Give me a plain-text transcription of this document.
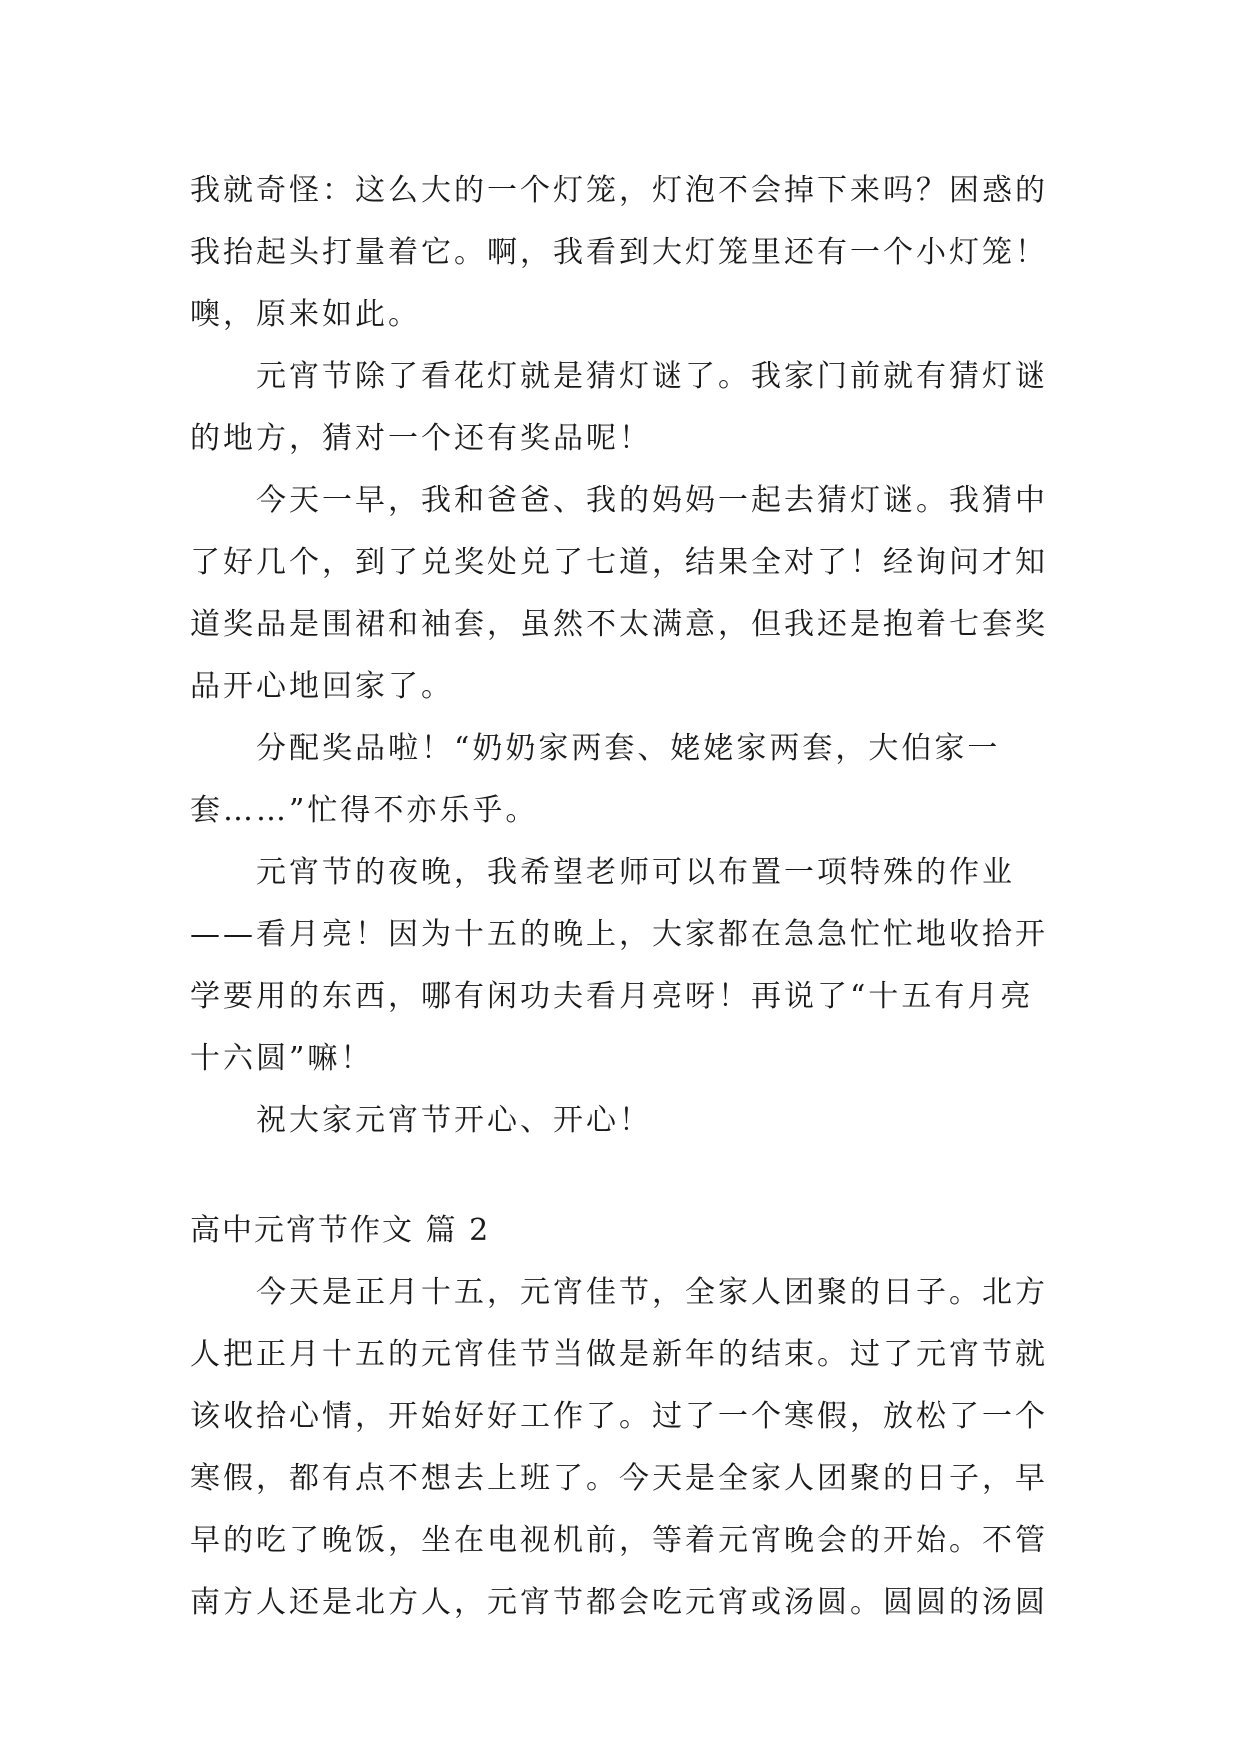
我就奇怪：这么大的一个灯笼，灯泡不会掉下来吗？困惑的
我抬起头打量着它。啊，我看到大灯笼里还有一个小灯笼！
噢，原来如此。
　　元宵节除了看花灯就是猜灯谜了。我家门前就有猜灯谜
的地方，猜对一个还有奖品呢！
　　今天一早，我和爸爸、我的妈妈一起去猜灯谜。我猜中
了好几个，到了兑奖处兑了七道，结果全对了！经询问才知
道奖品是围裙和袖套，虽然不太满意，但我还是抱着七套奖
品开心地回家了。
　　分配奖品啦！“奶奶家两套、姥姥家两套，大伯家一
套……”忙得不亦乐乎。
　　元宵节的夜晚，我希望老师可以布置一项特殊的作业
——看月亮！因为十五的晚上，大家都在急急忙忙地收拾开
学要用的东西，哪有闲功夫看月亮呀！再说了“十五有月亮
十六圆”嘛！
　　祝大家元宵节开心、开心！
高中元宵节作文 篇 2
　　今天是正月十五，元宵佳节，全家人团聚的日子。北方
人把正月十五的元宵佳节当做是新年的结束。过了元宵节就
该收拾心情，开始好好工作了。过了一个寒假，放松了一个
寒假，都有点不想去上班了。今天是全家人团聚的日子，早
早的吃了晚饭，坐在电视机前，等着元宵晚会的开始。不管
南方人还是北方人，元宵节都会吃元宵或汤圆。圆圆的汤圆
